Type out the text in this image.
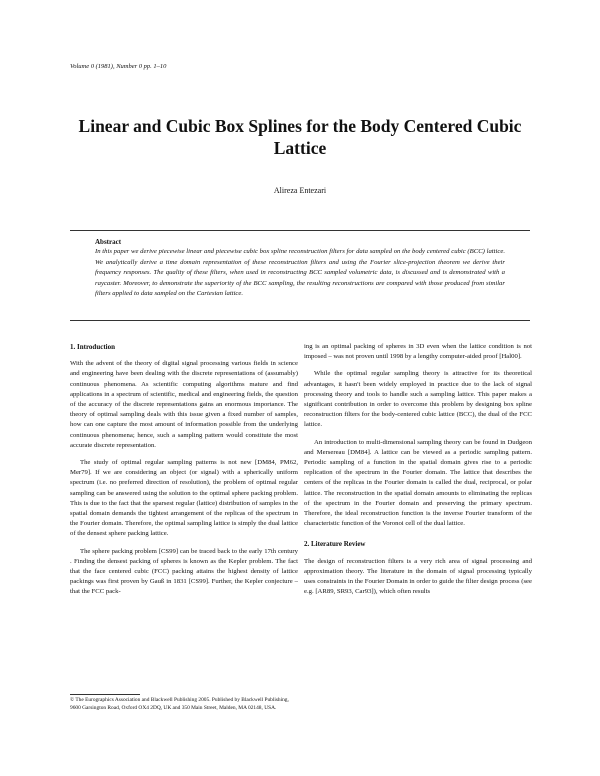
Volume 0 (1981), Number 0 pp. 1–10
Linear and Cubic Box Splines for the Body Centered Cubic Lattice
Alireza Entezari
Abstract
In this paper we derive piecewise linear and piecewise cubic box spline reconstruction filters for data sampled on the body centered cubic (BCC) lattice. We analytically derive a time domain representation of these reconstruction filters and using the Fourier slice-projection theorem we derive their frequency responses. The quality of these filters, when used in reconstructing BCC sampled volumetric data, is discussed and is demonstrated with a raycaster. Moreover, to demonstrate the superiority of the BCC sampling, the resulting reconstructions are compared with those produced from similar filters applied to data sampled on the Cartesian lattice.
1. Introduction

With the advent of the theory of digital signal processing various fields in science and engineering have been dealing with the discrete representations of (assumably) continuous phenomena. As scientific computing algorithms mature and find applications in a spectrum of scientific, medical and engineering fields, the question of the accuracy of the discrete representations gains an enormous importance. The theory of optimal sampling deals with this issue given a fixed number of samples, how can one capture the most amount of information possible from the underlying continuous phenomena; hence, such a sampling pattern would constitute the most accurate discrete representation.

The study of optimal regular sampling patterns is not new [DM84, PM62, Mer79]. If we are considering an object (or signal) with a spherically uniform spectrum (i.e. no preferred direction of resolution), the problem of optimal regular sampling can be answered using the solution to the optimal sphere packing problem. This is due to the fact that the sparsest regular (lattice) distribution of samples in the spatial domain demands the tightest arrangement of the replicas of the spectrum in the Fourier domain. Therefore, the optimal sampling lattice is simply the dual lattice of the densest sphere packing lattice.

The sphere packing problem [CS99] can be traced back to the early 17th century . Finding the densest packing of spheres is known as the Kepler problem. The fact that the face centered cubic (FCC) packing attains the highest density of lattice packings was first proven by Gauß in 1831 [CS99]. Further, the Kepler conjecture – that the FCC pack-

ing is an optimal packing of spheres in 3D even when the lattice condition is not imposed – was not proven until 1998 by a lengthy computer-aided proof [Hal00].

While the optimal regular sampling theory is attractive for its theoretical advantages, it hasn't been widely employed in practice due to the lack of signal processing theory and tools to handle such a sampling lattice. This paper makes a significant contribution in order to overcome this problem by designing box spline reconstruction filters for the body-centered cubic lattice (BCC), the dual of the FCC lattice.

An introduction to multi-dimensional sampling theory can be found in Dudgeon and Mersereau [DM84]. A lattice can be viewed as a periodic sampling pattern. Periodic sampling of a function in the spatial domain gives rise to a periodic replication of the spectrum in the Fourier domain. The lattice that describes the centers of the replicas in the Fourier domain is called the dual, reciprocal, or polar lattice. The reconstruction in the spatial domain amounts to eliminating the replicas of the spectrum in the Fourier domain and preserving the primary spectrum. Therefore, the ideal reconstruction function is the inverse Fourier transform of the characteristic function of the Voronoi cell of the dual lattice.

2. Literature Review

The design of reconstruction filters is a very rich area of signal processing and approximation theory. The literature in the domain of signal processing typically uses constraints in the Fourier Domain in order to guide the filter design process (see e.g. [AR89, SR93, Car93]), which often results

© The Eurographics Association and Blackwell Publishing 2005. Published by Blackwell Publishing, 9600 Garsington Road, Oxford OX4 2DQ, UK and 350 Main Street, Malden, MA 02148, USA.
